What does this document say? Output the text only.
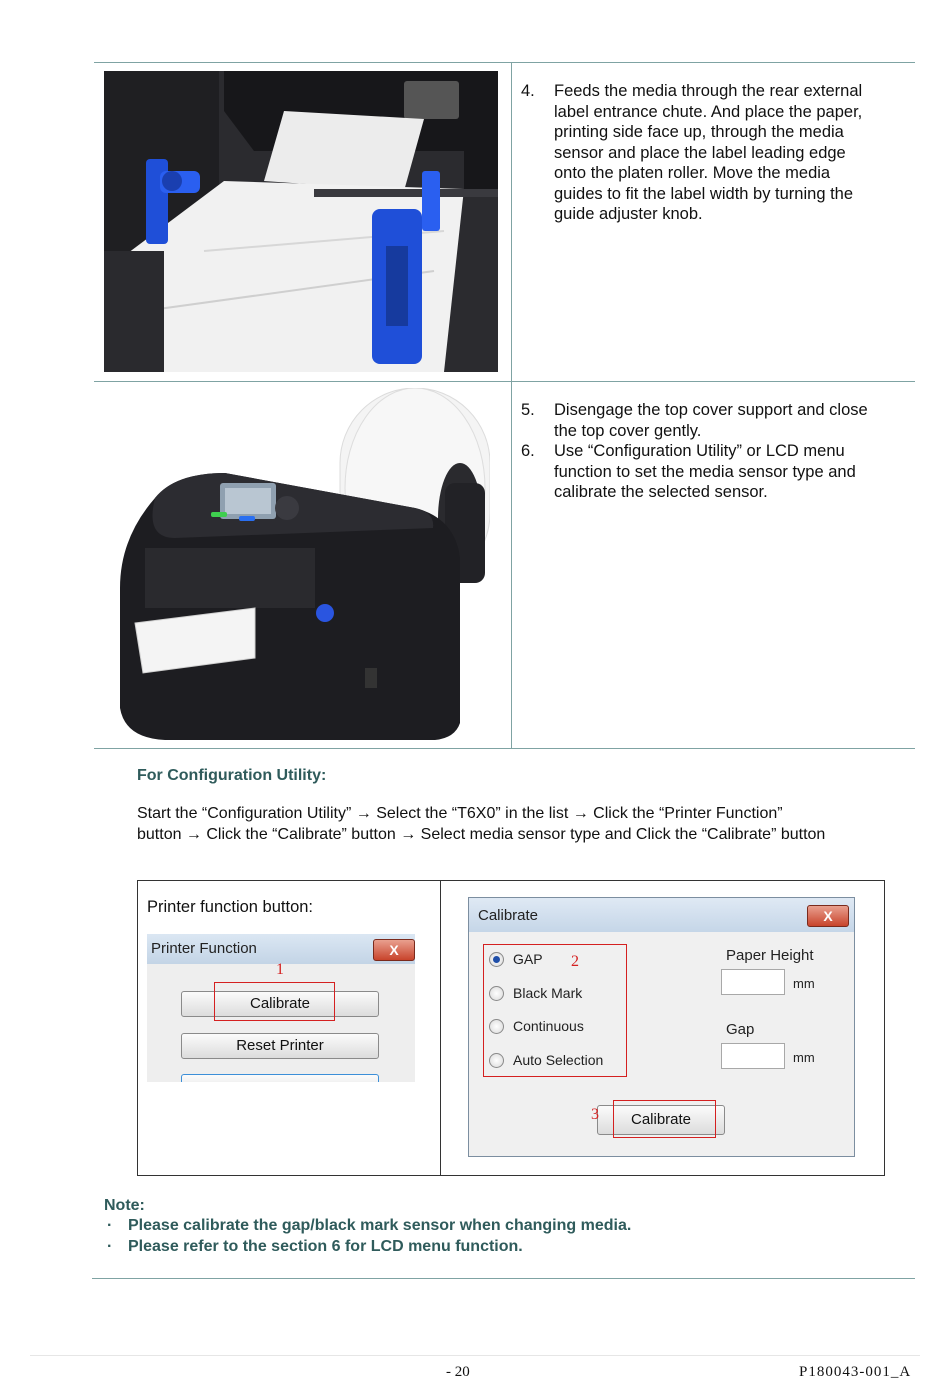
4. Feeds the media through the rear external
label entrance chute. And place the paper,
printing side face up, through the media
sensor and place the label leading edge
onto the platen roller. Move the media
guides to fit the label width by turning the
guide adjuster knob.
5. Disengage the top cover support and close
the top cover gently.
6. Use “Configuration Utility” or LCD menu
function to set the media sensor type and
calibrate the selected sensor.
For Configuration Utility:
Start the “Configuration Utility” → Select the “T6X0” in the list → Click the “Printer Function”
button → Click the “Calibrate” button → Select media sensor type and Click the “Calibrate” button
Printer function button:
Printer Function	X
Calibrate
Reset Printer
1
Calibrate	X
GAP
Black Mark
Continuous
Auto Selection
Paper Height
mm
Gap
mm
Calibrate
2
3
Note:
· Please calibrate the gap/black mark sensor when changing media.
· Please refer to the section 6 for LCD menu function.
- 20	P180043-001_A
